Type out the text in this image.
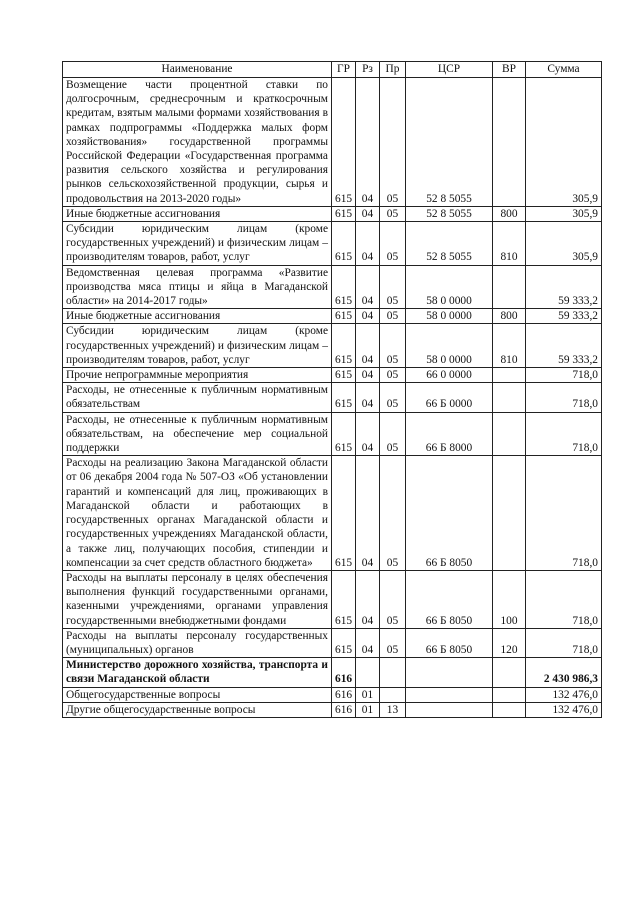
Наименование	ГР	Рз	Пр	ЦСР	ВР	Сумма
Возмещение части процентной ставки по долгосрочным, среднесрочным и краткосрочным кредитам, взятым малыми формами хозяйствования в рамках подпрограммы «Поддержка малых форм хозяйствования» государственной программы Российской Федерации «Государственная программа развития сельского хозяйства и регулирования рынков сельскохозяйственной продукции, сырья и продовольствия на 2013-2020 годы»	615	04	05	52 8 5055		305,9
Иные бюджетные ассигнования	615	04	05	52 8 5055	800	305,9
Субсидии юридическим лицам (кроме государственных учреждений) и физическим лицам – производителям товаров, работ, услуг	615	04	05	52 8 5055	810	305,9
Ведомственная целевая программа «Развитие производства мяса птицы и яйца в Магаданской области» на 2014-2017 годы»	615	04	05	58 0 0000		59 333,2
Иные бюджетные ассигнования	615	04	05	58 0 0000	800	59 333,2
Субсидии юридическим лицам (кроме государственных учреждений) и физическим лицам – производителям товаров, работ, услуг	615	04	05	58 0 0000	810	59 333,2
Прочие непрограммные мероприятия	615	04	05	66 0 0000		718,0
Расходы, не отнесенные к публичным нормативным обязательствам	615	04	05	66 Б 0000		718,0
Расходы, не отнесенные к публичным нормативным обязательствам, на обеспечение мер социальной поддержки	615	04	05	66 Б 8000		718,0
Расходы на реализацию Закона Магаданской области от 06 декабря 2004 года № 507-ОЗ «Об установлении гарантий и компенсаций для лиц, проживающих в Магаданской области и работающих в государственных органах Магаданской области и государственных учреждениях Магаданской области, а также лиц, получающих пособия, стипендии и компенсации за счет средств областного бюджета»	615	04	05	66 Б 8050		718,0
Расходы на выплаты персоналу в целях обеспечения выполнения функций государственными органами, казенными учреждениями, органами управления государственными внебюджетными фондами	615	04	05	66 Б 8050	100	718,0
Расходы на выплаты персоналу государственных (муниципальных) органов	615	04	05	66 Б 8050	120	718,0
Министерство дорожного хозяйства, транспорта и связи Магаданской области	616					2 430 986,3
Общегосударственные вопросы	616	01				132 476,0
Другие общегосударственные вопросы	616	01	13			132 476,0
